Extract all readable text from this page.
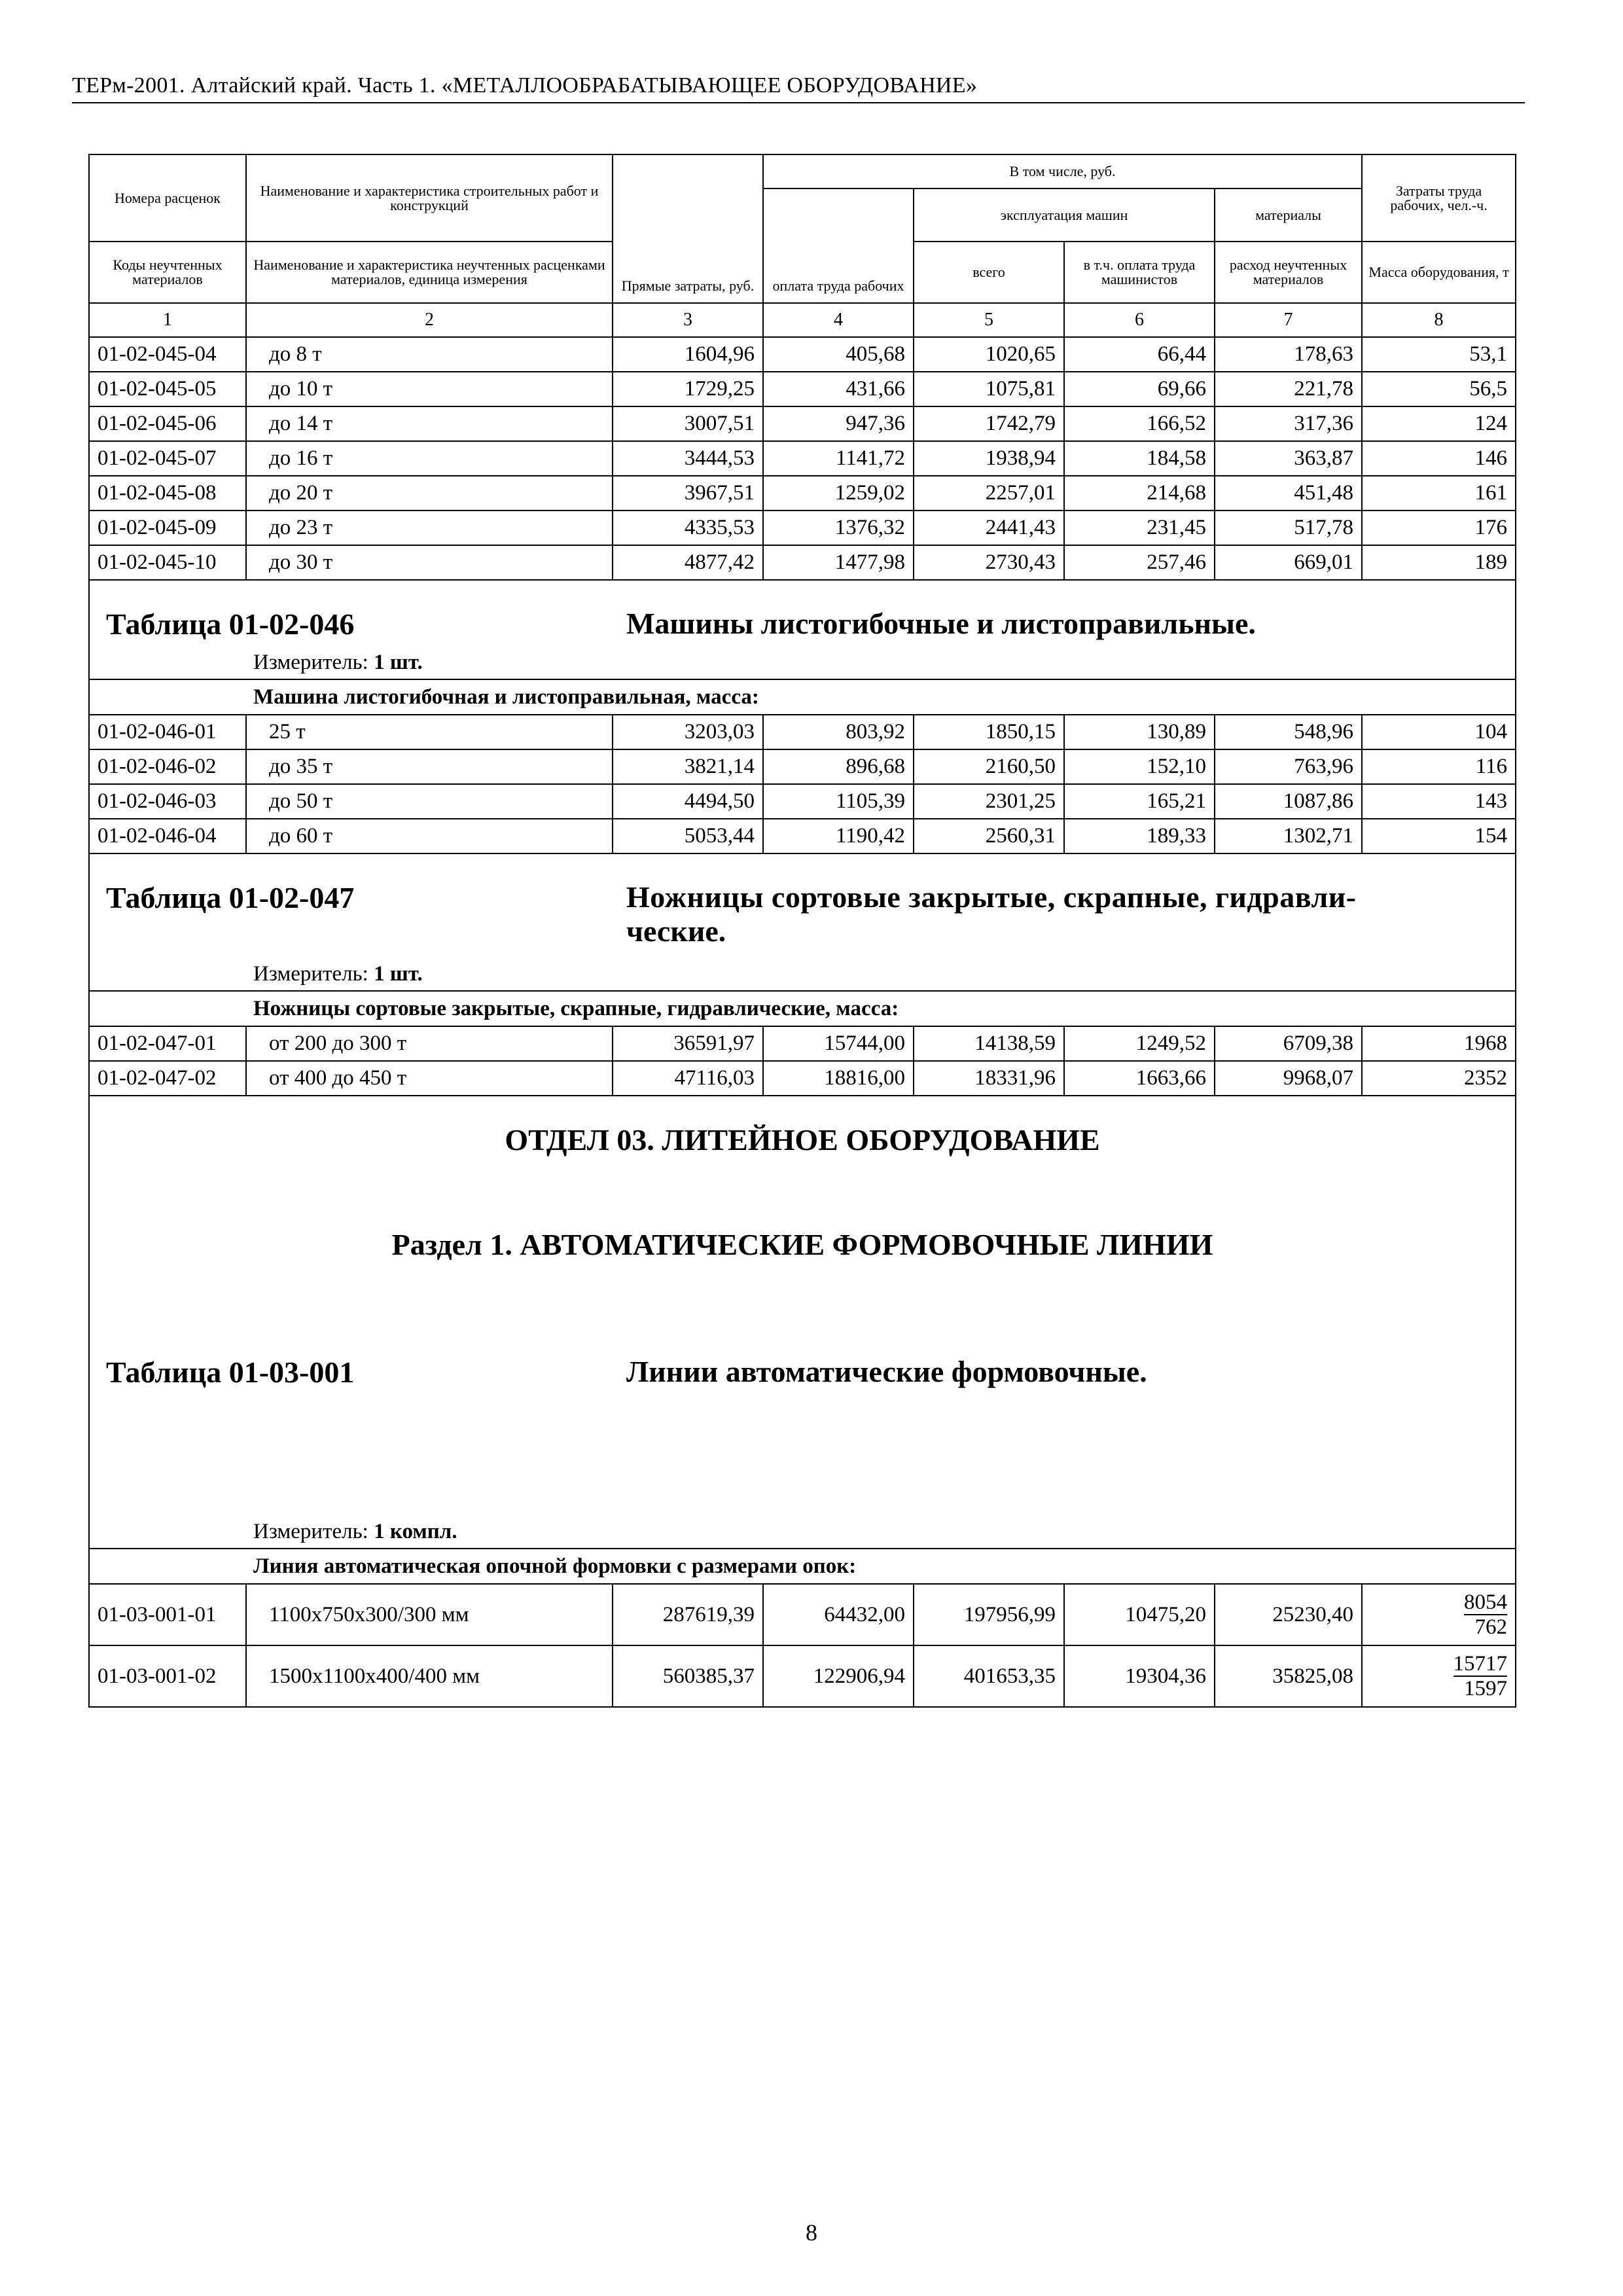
ТЕРм-2001. Алтайский край. Часть 1. «МЕТАЛЛООБРАБАТЫВАЮЩЕЕ ОБОРУДОВАНИЕ»
Номера расценок	Наименование и характеристика строительных работ и конструкций	Прямые затраты, руб.	В том числе, руб.				Затраты труда рабочих, чел.-ч.
			оплата труда рабочих	эксплуатация машин		материалы	

Коды неучтенных материалов	Наименование и характеристика неучтенных расценками материалов, единица измерения			всего	в т.ч. оплата труда машинистов	расход неучтенных материалов	Масса оборудования, т

1	2	3	4	5	6	7	8
01-02-045-04	до 8 т	1604,96	405,68	1020,65	66,44	178,63	53,1
01-02-045-05	до 10 т	1729,25	431,66	1075,81	69,66	221,78	56,5
01-02-045-06	до 14 т	3007,51	947,36	1742,79	166,52	317,36	124
01-02-045-07	до 16 т	3444,53	1141,72	1938,94	184,58	363,87	146
01-02-045-08	до 20 т	3967,51	1259,02	2257,01	214,68	451,48	161
01-02-045-09	до 23 т	4335,53	1376,32	2441,43	231,45	517,78	176
01-02-045-10	до 30 т	4877,42	1477,98	2730,43	257,46	669,01	189

Таблица 01-02-046 Машины листогибочные и листоправильные.
Измеритель: 1 шт.							

Машина листогибочная и листоправильная, масса:							
01-02-046-01	25 т	3203,03	803,92	1850,15	130,89	548,96	104
01-02-046-02	до 35 т	3821,14	896,68	2160,50	152,10	763,96	116
01-02-046-03	до 50 т	4494,50	1105,39	2301,25	165,21	1087,86	143
01-02-046-04	до 60 т	5053,44	1190,42	2560,31	189,33	1302,71	154

Таблица 01-02-047 Ножницы сортовые закрытые, скрапные, гидравли-
ческие.
Измеритель: 1 шт.							

Ножницы сортовые закрытые, скрапные, гидравлические, масса:							
01-02-047-01	от 200 до 300 т	36591,97	15744,00	14138,59	1249,52	6709,38	1968
01-02-047-02	от 400 до 450 т	47116,03	18816,00	18331,96	1663,66	9968,07	2352

ОТДЕЛ 03. ЛИТЕЙНОЕ ОБОРУДОВАНИЕ
Раздел 1. АВТОМАТИЧЕСКИЕ ФОРМОВОЧНЫЕ ЛИНИИ
Таблица 01-03-001 Линии автоматические формовочные.
Измеритель: 1 компл.							

Линия автоматическая опочной формовки с размерами опок:							
01-03-001-01	1100х750х300/300 мм	287619,39	64432,00	197956,99	10475,20	25230,40	$\frac{8054}{762}$

01-03-001-02	1500х1100х400/400 мм	560385,37	122906,94	401653,35	19304,36	35825,08	$\frac{15717}{1597}$
8
